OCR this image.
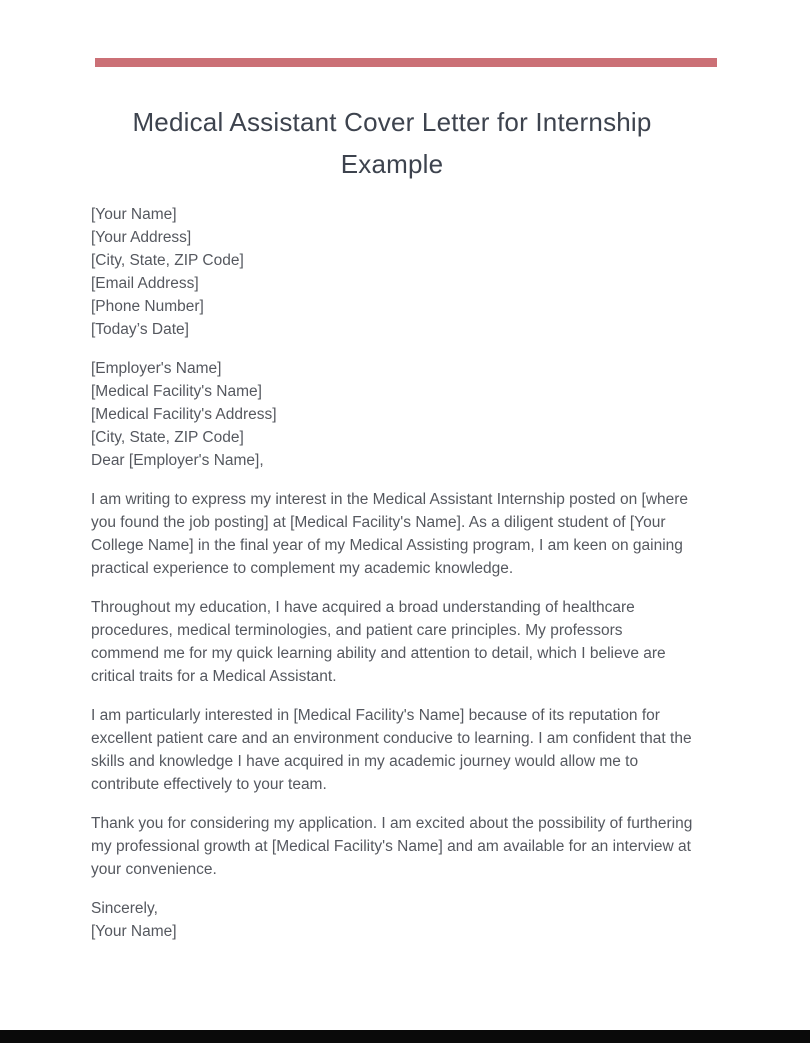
Medical Assistant Cover Letter for Internship
Example
[Your Name]
[Your Address]
[City, State, ZIP Code]
[Email Address]
[Phone Number]
[Today’s Date]
[Employer's Name]
[Medical Facility's Name]
[Medical Facility's Address]
[City, State, ZIP Code]
Dear [Employer's Name],

I am writing to express my interest in the Medical Assistant Internship posted on [where you found the job posting] at [Medical Facility's Name]. As a diligent student of [Your College Name] in the final year of my Medical Assisting program, I am keen on gaining practical experience to complement my academic knowledge.

Throughout my education, I have acquired a broad understanding of healthcare procedures, medical terminologies, and patient care principles. My professors commend me for my quick learning ability and attention to detail, which I believe are critical traits for a Medical Assistant.

I am particularly interested in [Medical Facility's Name] because of its reputation for excellent patient care and an environment conducive to learning. I am confident that the skills and knowledge I have acquired in my academic journey would allow me to contribute effectively to your team.

Thank you for considering my application. I am excited about the possibility of furthering my professional growth at [Medical Facility's Name] and am available for an interview at your convenience.

Sincerely,
[Your Name]
